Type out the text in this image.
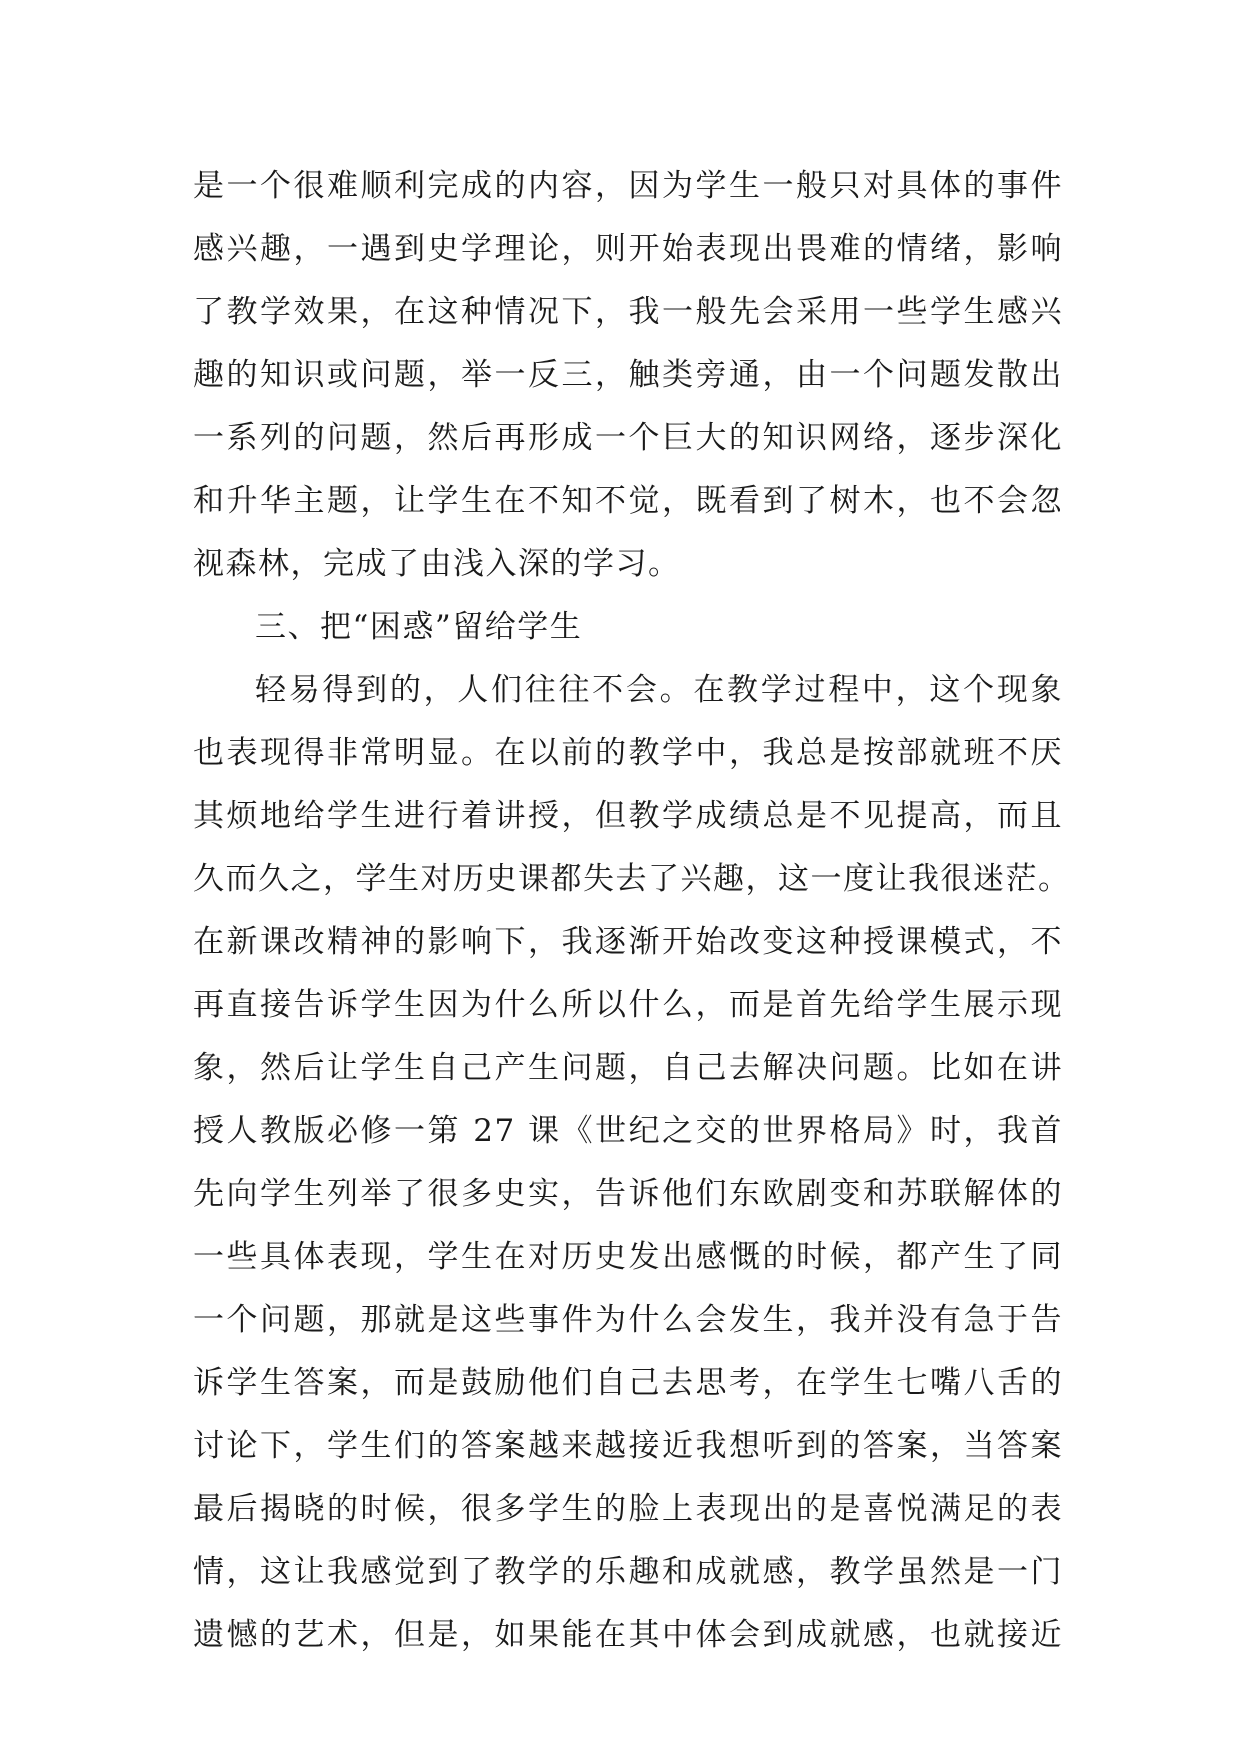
是一个很难顺利完成的内容，因为学生一般只对具体的事件
感兴趣，一遇到史学理论，则开始表现出畏难的情绪，影响
了教学效果，在这种情况下，我一般先会采用一些学生感兴
趣的知识或问题，举一反三，触类旁通，由一个问题发散出
一系列的问题，然后再形成一个巨大的知识网络，逐步深化
和升华主题，让学生在不知不觉，既看到了树木，也不会忽
视森林，完成了由浅入深的学习。
三、把“困惑”留给学生
轻易得到的，人们往往不会。在教学过程中，这个现象
也表现得非常明显。在以前的教学中，我总是按部就班不厌
其烦地给学生进行着讲授，但教学成绩总是不见提高，而且
久而久之，学生对历史课都失去了兴趣，这一度让我很迷茫。
在新课改精神的影响下，我逐渐开始改变这种授课模式，不
再直接告诉学生因为什么所以什么，而是首先给学生展示现
象，然后让学生自己产生问题，自己去解决问题。比如在讲
授人教版必修一第 27 课《世纪之交的世界格局》时，我首
先向学生列举了很多史实，告诉他们东欧剧变和苏联解体的
一些具体表现，学生在对历史发出感慨的时候，都产生了同
一个问题，那就是这些事件为什么会发生，我并没有急于告
诉学生答案，而是鼓励他们自己去思考，在学生七嘴八舌的
讨论下，学生们的答案越来越接近我想听到的答案，当答案
最后揭晓的时候，很多学生的脸上表现出的是喜悦满足的表
情，这让我感觉到了教学的乐趣和成就感，教学虽然是一门
遗憾的艺术，但是，如果能在其中体会到成就感，也就接近
